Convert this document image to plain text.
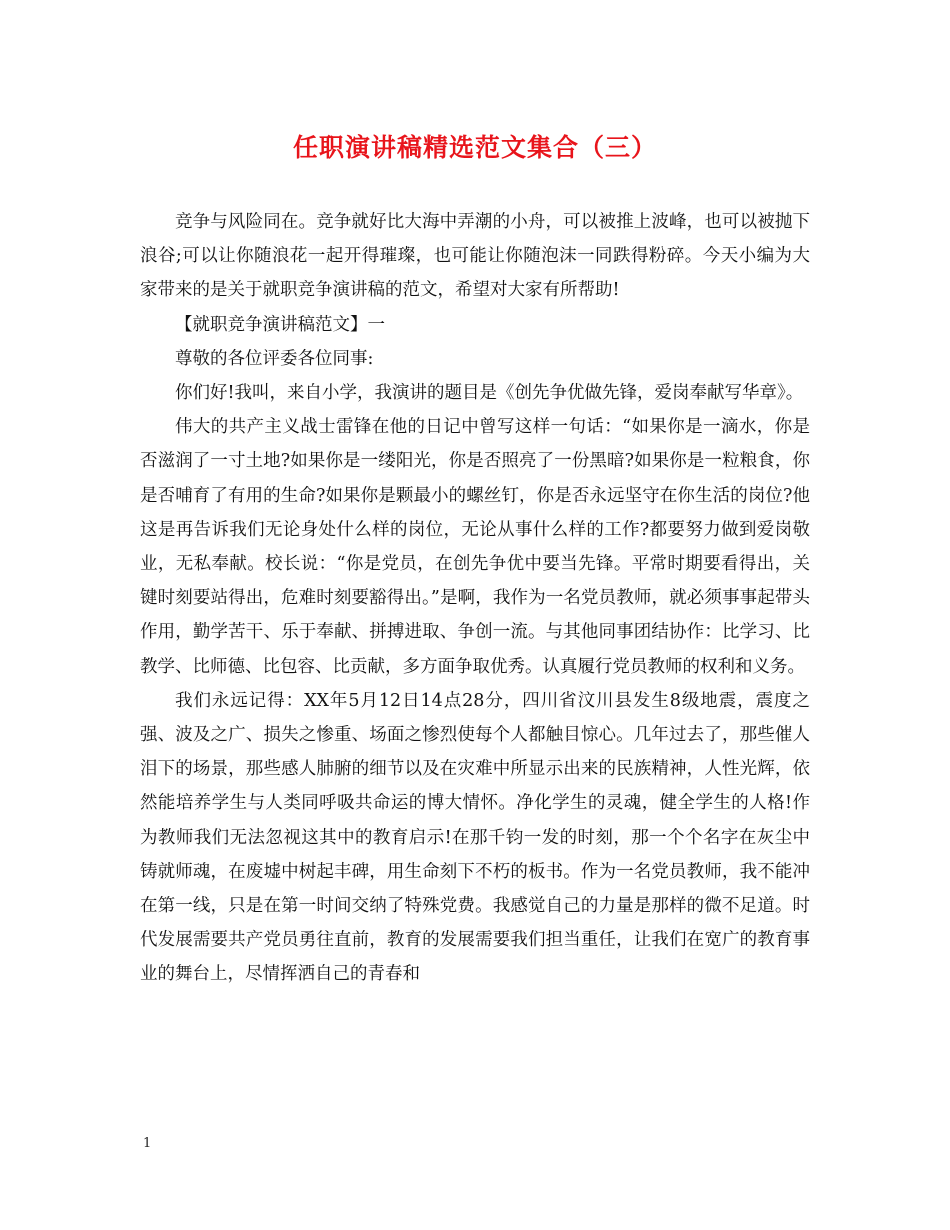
任职演讲稿精选范文集合（三）

竞争与风险同在。竞争就好比大海中弄潮的小舟，可以被推上波峰，也可以被抛下浪谷;可以让你随浪花一起开得璀璨，也可能让你随泡沫一同跌得粉碎。今天小编为大家带来的是关于就职竞争演讲稿的范文，希望对大家有所帮助!

【就职竞争演讲稿范文】一

尊敬的各位评委各位同事:

你们好!我叫，来自小学，我演讲的题目是《创先争优做先锋，爱岗奉献写华章》。

伟大的共产主义战士雷锋在他的日记中曾写这样一句话：“如果你是一滴水，你是否滋润了一寸土地?如果你是一缕阳光，你是否照亮了一份黑暗?如果你是一粒粮食，你是否哺育了有用的生命?如果你是颗最小的螺丝钉，你是否永远坚守在你生活的岗位?他这是再告诉我们无论身处什么样的岗位，无论从事什么样的工作?都要努力做到爱岗敬业，无私奉献。校长说：“你是党员，在创先争优中要当先锋。平常时期要看得出，关键时刻要站得出，危难时刻要豁得出。”是啊，我作为一名党员教师，就必须事事起带头作用，勤学苦干、乐于奉献、拼搏进取、争创一流。与其他同事团结协作：比学习、比教学、比师德、比包容、比贡献，多方面争取优秀。认真履行党员教师的权利和义务。

我们永远记得：XX年5月12日14点28分，四川省汶川县发生8级地震，震度之强、波及之广、损失之惨重、场面之惨烈使每个人都触目惊心。几年过去了，那些催人泪下的场景，那些感人肺腑的细节以及在灾难中所显示出来的民族精神，人性光辉，依然能培养学生与人类同呼吸共命运的博大情怀。净化学生的灵魂，健全学生的人格!作为教师我们无法忽视这其中的教育启示!在那千钧一发的时刻，那一个个名字在灰尘中铸就师魂，在废墟中树起丰碑，用生命刻下不朽的板书。作为一名党员教师，我不能冲在第一线，只是在第一时间交纳了特殊党费。我感觉自己的力量是那样的微不足道。时代发展需要共产党员勇往直前，教育的发展需要我们担当重任，让我们在宽广的教育事业的舞台上，尽情挥洒自己的青春和

1
